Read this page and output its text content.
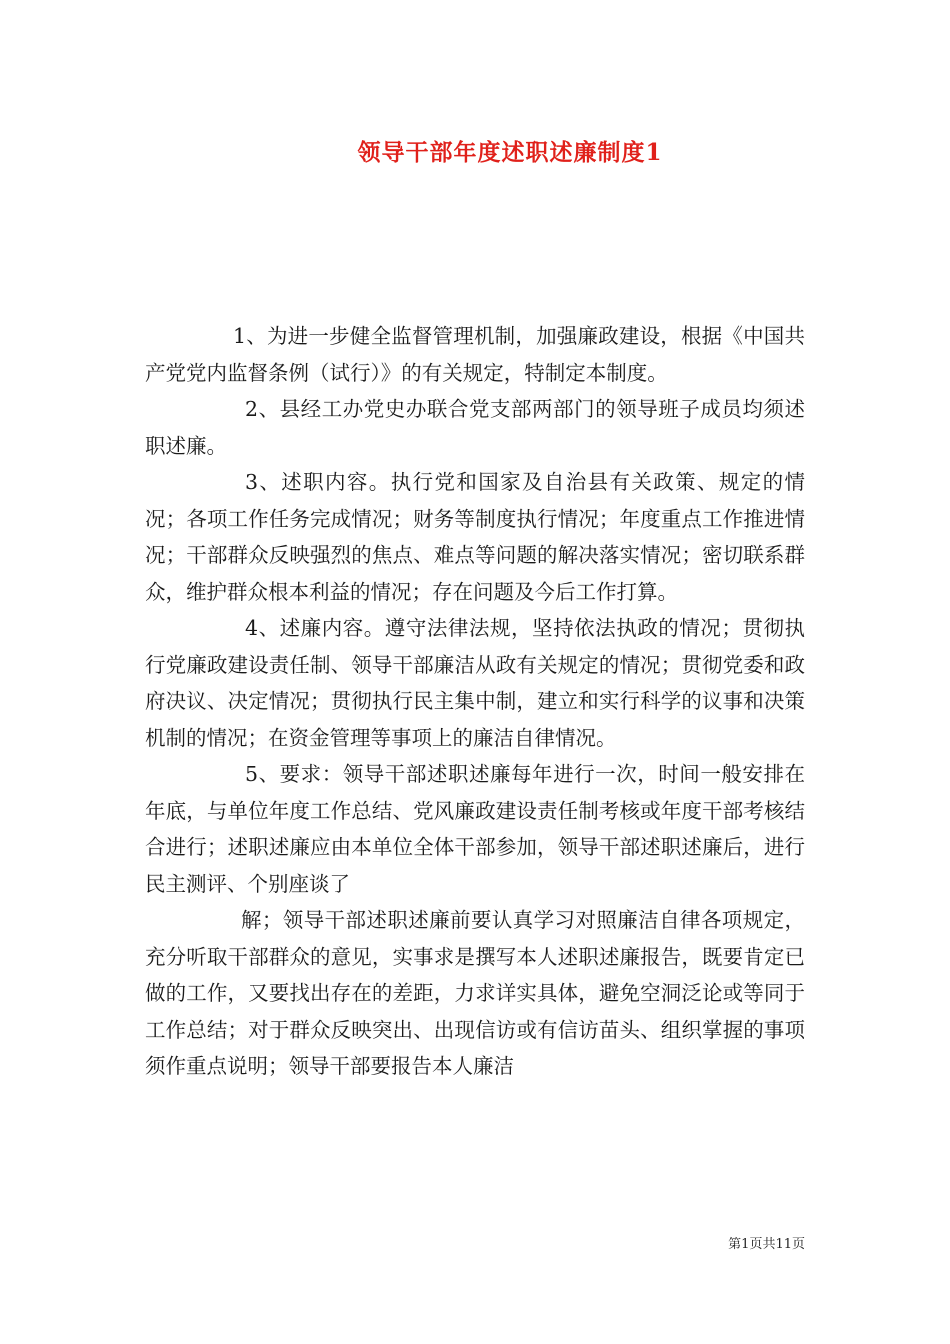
领导干部年度述职述廉制度1

1、为进一步健全监督管理机制，加强廉政建设，根据《中国共产党党内监督条例（试行）》的有关规定，特制定本制度。

2、县经工办党史办联合党支部两部门的领导班子成员均须述职述廉。

3、述职内容。执行党和国家及自治县有关政策、规定的情况；各项工作任务完成情况；财务等制度执行情况；年度重点工作推进情况；干部群众反映强烈的焦点、难点等问题的解决落实情况；密切联系群众，维护群众根本利益的情况；存在问题及今后工作打算。

4、述廉内容。遵守法律法规，坚持依法执政的情况；贯彻执行党廉政建设责任制、领导干部廉洁从政有关规定的情况；贯彻党委和政府决议、决定情况；贯彻执行民主集中制，建立和实行科学的议事和决策机制的情况；在资金管理等事项上的廉洁自律情况。

5、要求：领导干部述职述廉每年进行一次，时间一般安排在年底，与单位年度工作总结、党风廉政建设责任制考核或年度干部考核结合进行；述职述廉应由本单位全体干部参加，领导干部述职述廉后，进行民主测评、个别座谈了

解；领导干部述职述廉前要认真学习对照廉洁自律各项规定，充分听取干部群众的意见，实事求是撰写本人述职述廉报告，既要肯定已做的工作，又要找出存在的差距，力求详实具体，避免空洞泛论或等同于工作总结；对于群众反映突出、出现信访或有信访苗头、组织掌握的事项须作重点说明；领导干部要报告本人廉洁

第1页共11页
